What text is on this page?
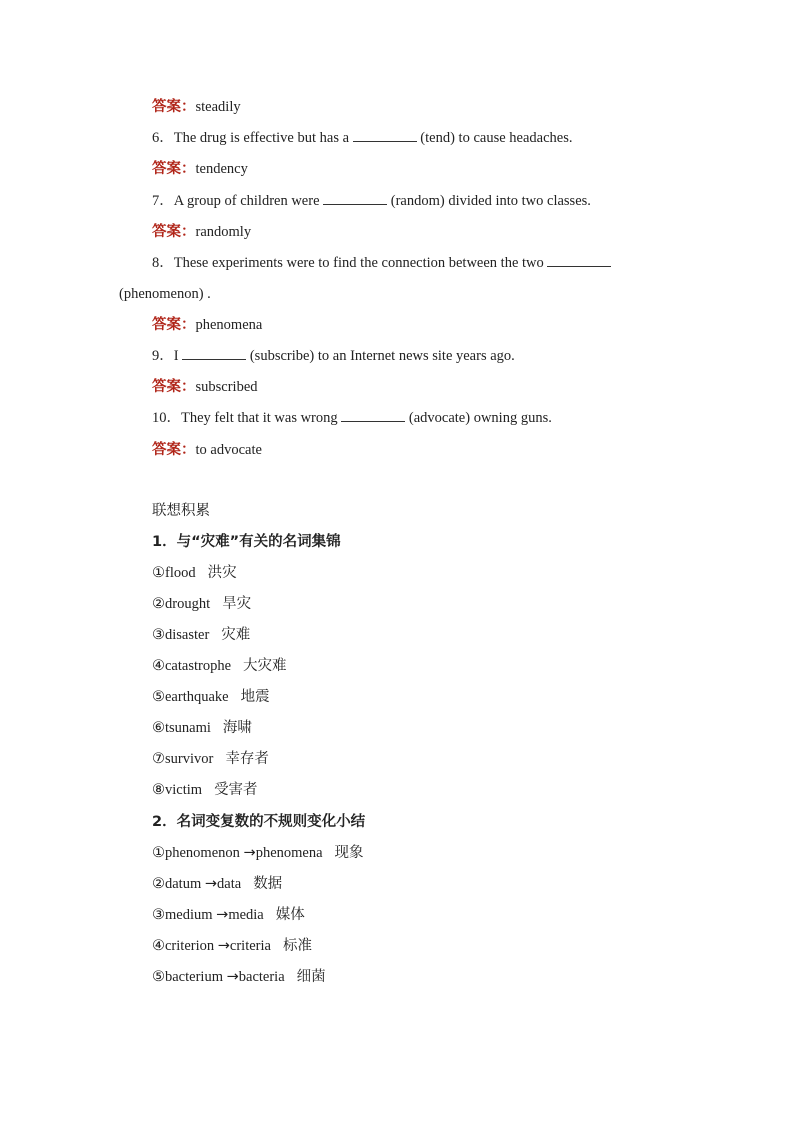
答案：steadily
6．The drug is effective but has a	(tend) to cause headaches.
答案：tendency
7．A group of children were	(random) divided into two classes.
答案：randomly
8．These experiments were to find the connection between the two
(phenomenon) .
答案：phenomena
9．I	(subscribe) to an Internet news site years ago.
答案：subscribed
10．They felt that it was wrong	(advocate) owning guns.
答案：to advocate
联想积累
1．与“灾难”有关的名词集锦
①flood 洪灾
②drought 旱灾
③disaster 灾难
④catastrophe 大灾难
⑤earthquake 地震
⑥tsunami 海啸
⑦survivor 幸存者
⑧victim 受害者
2．名词变复数的不规则变化小结
①phenomenon →phenomena 现象
②datum →data 数据
③medium →media 媒体
④criterion →criteria 标准
⑤bacterium →bacteria 细菌
